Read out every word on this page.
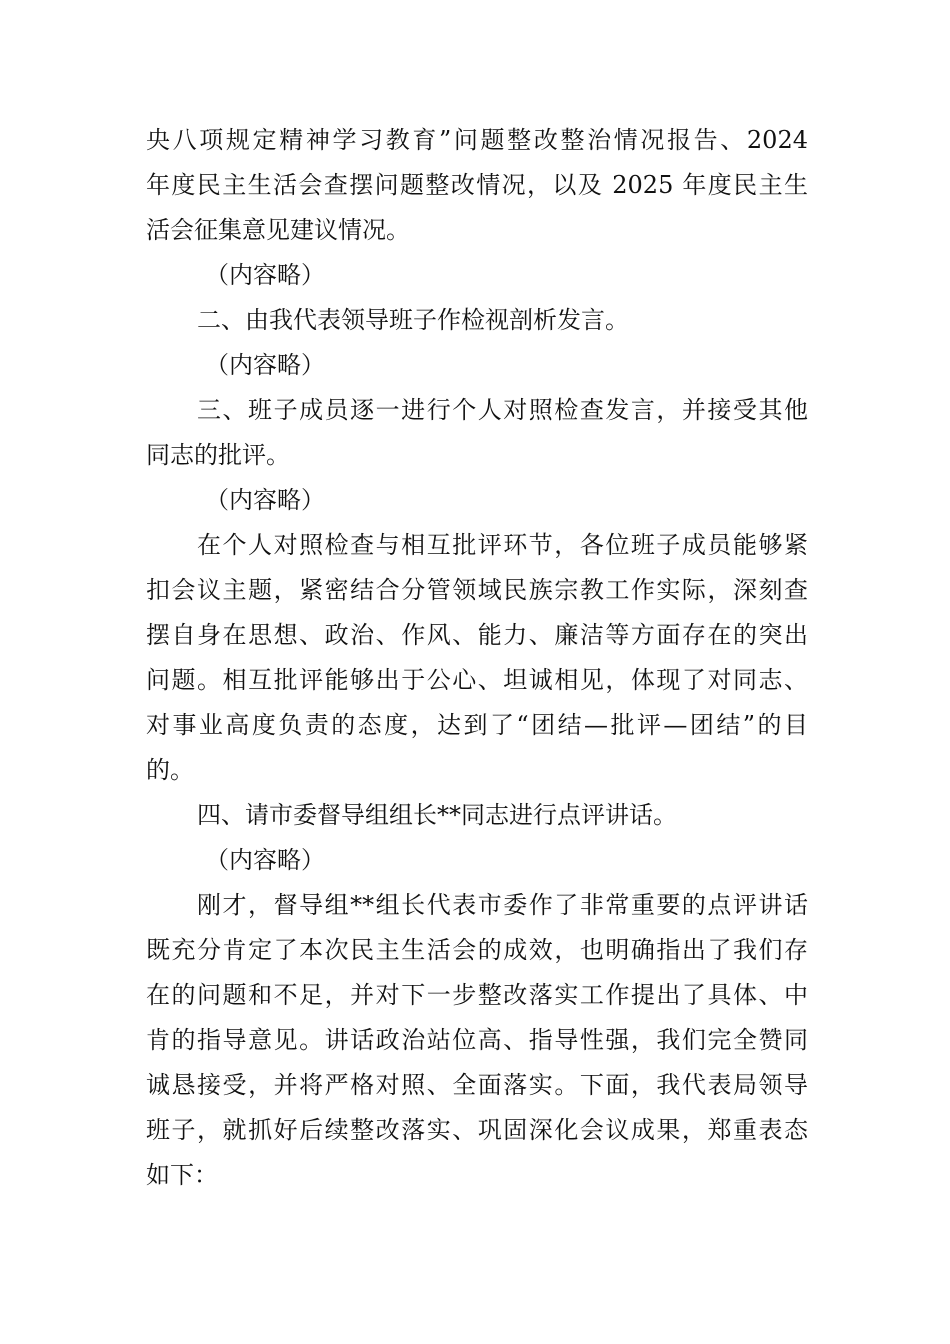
央八项规定精神学习教育”问题整改整治情况报告、2024
年度民主生活会查摆问题整改情况，以及 2025 年度民主生
活会征集意见建议情况。
（内容略）
二、由我代表领导班子作检视剖析发言。
（内容略）
三、班子成员逐一进行个人对照检查发言，并接受其他
同志的批评。
（内容略）
在个人对照检查与相互批评环节，各位班子成员能够紧
扣会议主题，紧密结合分管领域民族宗教工作实际，深刻查
摆自身在思想、政治、作风、能力、廉洁等方面存在的突出
问题。相互批评能够出于公心、坦诚相见，体现了对同志、
对事业高度负责的态度，达到了“团结—批评—团结”的目
的。
四、请市委督导组组长**同志进行点评讲话。
（内容略）
刚才，督导组**组长代表市委作了非常重要的点评讲话
既充分肯定了本次民主生活会的成效，也明确指出了我们存
在的问题和不足，并对下一步整改落实工作提出了具体、中
肯的指导意见。讲话政治站位高、指导性强，我们完全赞同
诚恳接受，并将严格对照、全面落实。下面，我代表局领导
班子，就抓好后续整改落实、巩固深化会议成果，郑重表态
如下：
